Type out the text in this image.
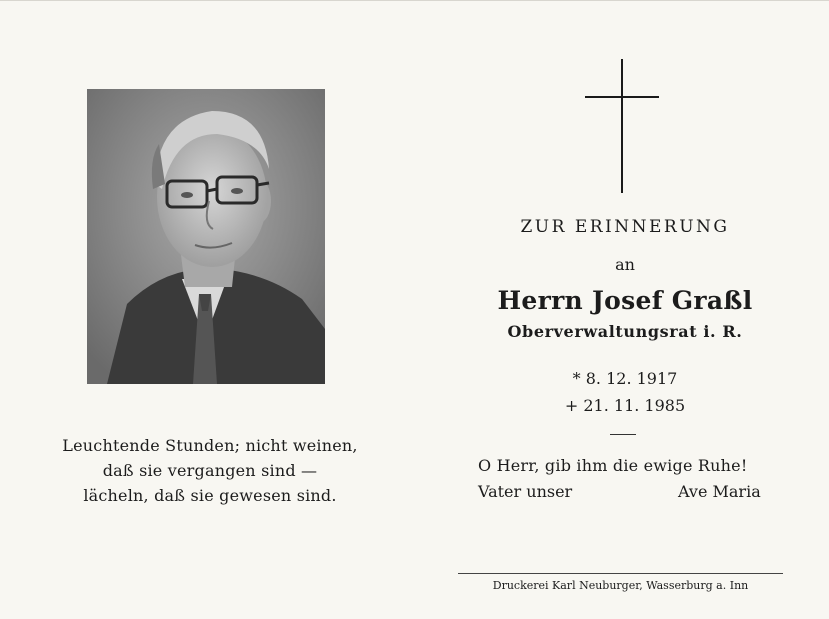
Leuchtende Stunden; nicht weinen,
daß sie vergangen sind —
lächeln, daß sie gewesen sind.
ZUR ERINNERUNG
an
Herrn Josef Graßl
Oberverwaltungsrat i. R.
* 8. 12. 1917
+ 21. 11. 1985
O Herr, gib ihm die ewige Ruhe!
Vater unser	Ave Maria
Druckerei Karl Neuburger, Wasserburg a. Inn
